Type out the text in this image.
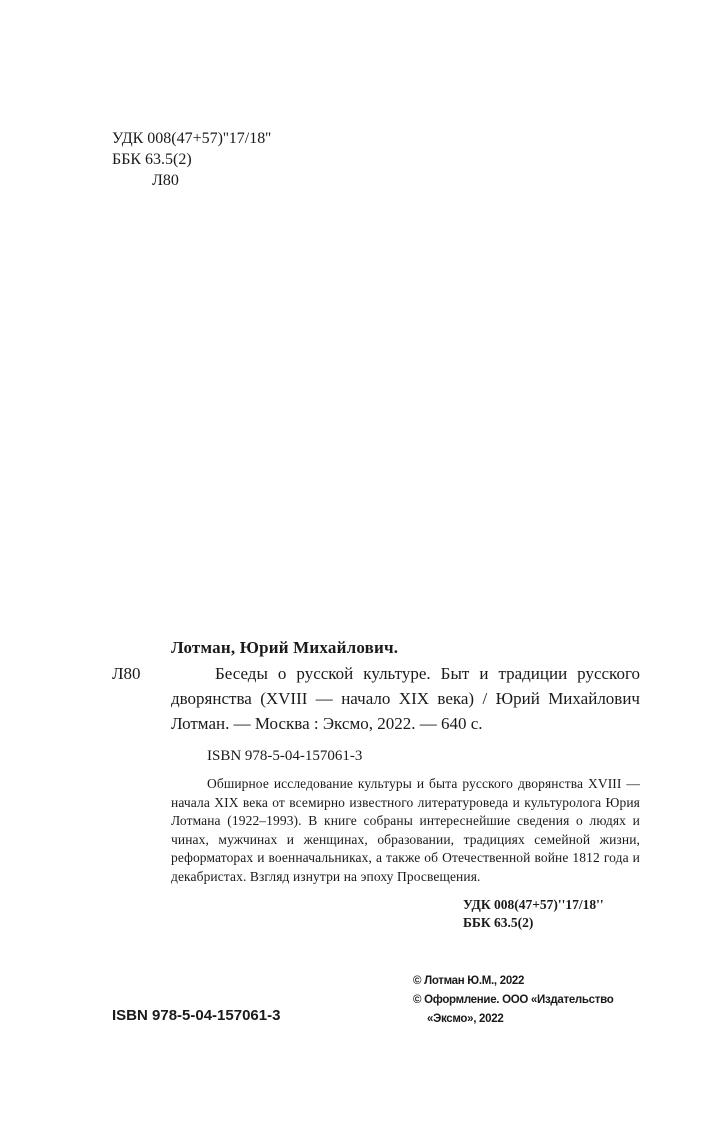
УДК 008(47+57)''17/18''
ББК 63.5(2)
Л80
Лотман, Юрий Михайлович.
Л80	Беседы о русской культуре. Быт и традиции русского дворянства (XVIII — начало XIX века) / Юрий Михайлович Лотман. — Москва : Эксмо, 2022. — 640 с.
ISBN 978-5-04-157061-3
Обширное исследование культуры и быта русского дворянства XVIII — начала XIX века от всемирно известного литературоведа и культуролога Юрия Лотмана (1922–1993). В книге собраны интереснейшие сведения о людях и чинах, мужчинах и женщинах, образовании, традициях семейной жизни, реформаторах и военначальниках, а также об Отечественной войне 1812 года и декабристах. Взгляд изнутри на эпоху Просвещения.
УДК 008(47+57)''17/18''
ББК 63.5(2)
ISBN 978-5-04-157061-3
© Лотман Ю.М., 2022
© Оформление. ООО «Издательство
«Эксмо», 2022
